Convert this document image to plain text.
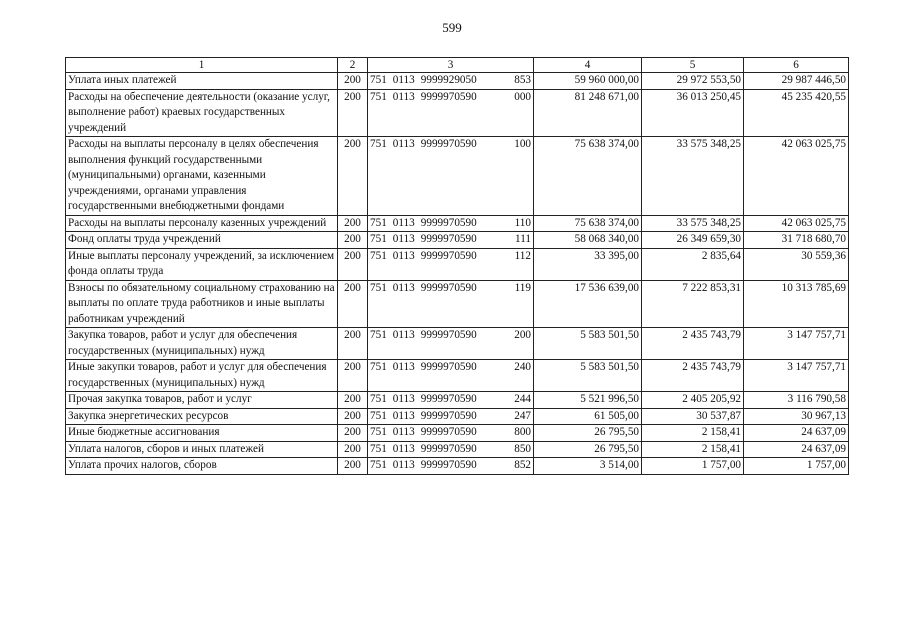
599
1	2	3	4	5	6
Уплата иных платежей	200	751 0113 9999929050 853	59 960 000,00	29 972 553,50	29 987 446,50
Расходы на обеспечение деятельности (оказание услуг, выполнение работ) краевых государственных учреждений	200	751 0113 9999970590 000	81 248 671,00	36 013 250,45	45 235 420,55
Расходы на выплаты персоналу в целях обеспечения выполнения функций государственными (муниципальными) органами, казенными учреждениями, органами управления государственными внебюджетными фондами	200	751 0113 9999970590 100	75 638 374,00	33 575 348,25	42 063 025,75
Расходы на выплаты персоналу казенных учреждений	200	751 0113 9999970590 110	75 638 374,00	33 575 348,25	42 063 025,75
Фонд оплаты труда учреждений	200	751 0113 9999970590 111	58 068 340,00	26 349 659,30	31 718 680,70
Иные выплаты персоналу учреждений, за исключением фонда оплаты труда	200	751 0113 9999970590 112	33 395,00	2 835,64	30 559,36
Взносы по обязательному социальному страхованию на выплаты по оплате труда работников и иные выплаты работникам учреждений	200	751 0113 9999970590 119	17 536 639,00	7 222 853,31	10 313 785,69
Закупка товаров, работ и услуг для обеспечения государственных (муниципальных) нужд	200	751 0113 9999970590 200	5 583 501,50	2 435 743,79	3 147 757,71
Иные закупки товаров, работ и услуг для обеспечения государственных (муниципальных) нужд	200	751 0113 9999970590 240	5 583 501,50	2 435 743,79	3 147 757,71
Прочая закупка товаров, работ и услуг	200	751 0113 9999970590 244	5 521 996,50	2 405 205,92	3 116 790,58
Закупка энергетических ресурсов	200	751 0113 9999970590 247	61 505,00	30 537,87	30 967,13
Иные бюджетные ассигнования	200	751 0113 9999970590 800	26 795,50	2 158,41	24 637,09
Уплата налогов, сборов и иных платежей	200	751 0113 9999970590 850	26 795,50	2 158,41	24 637,09
Уплата прочих налогов, сборов	200	751 0113 9999970590 852	3 514,00	1 757,00	1 757,00
